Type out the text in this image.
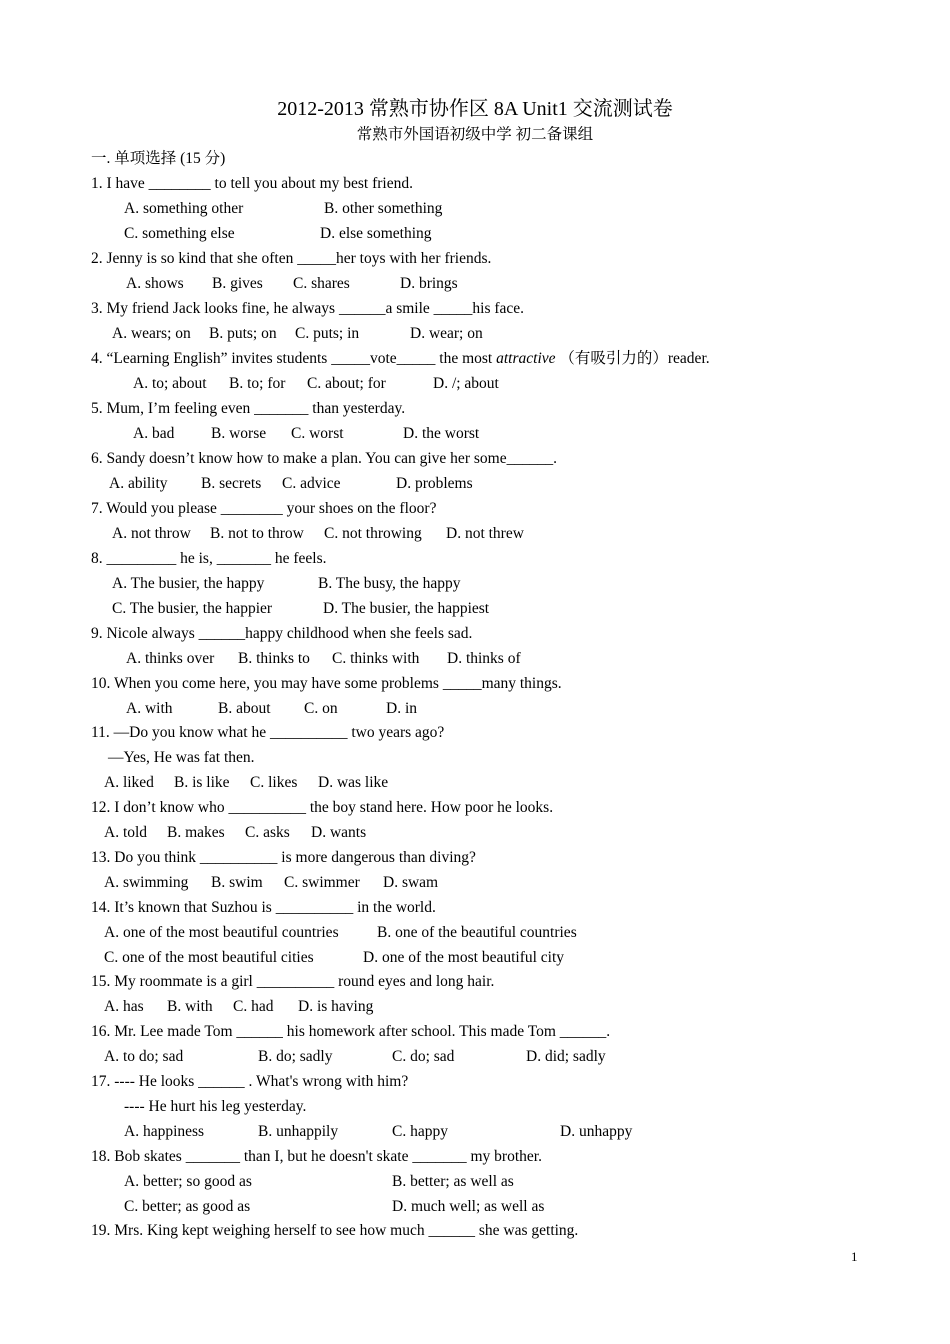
2012-2013 常熟市协作区 8A Unit1 交流测试卷
常熟市外国语初级中学 初二备课组
一. 单项选择 (15 分)
1. I have ________ to tell you about my best friend.
A. something other	B. other something
C. something else	D. else something
2. Jenny is so kind that she often _____her toys with her friends.
A. shows B. gives C. shares	D. brings
3. My friend Jack looks fine, he always ______a smile _____his face.
A. wears; on B. puts; on C. puts; in	D. wear; on
4. “Learning English” invites students _____vote_____ the most attractive （有吸引力的）reader.
A. to; about B. to; for C. about; for	D. /; about
5. Mum, I’m feeling even _______ than yesterday.
A. bad B. worse C. worst	D. the worst
6. Sandy doesn’t know how to make a plan. You can give her some______.
A. ability B. secrets C. advice	D. problems
7. Would you please ________ your shoes on the floor?
A. not throw B. not to throw C. not throwing D. not threw
8. _________ he is, _______ he feels.
A. The busier, the happy	B. The busy, the happy
C. The busier, the happier	D. The busier, the happiest
9. Nicole always ______happy childhood when she feels sad.
A. thinks over B. thinks to C. thinks with D. thinks of
10. When you come here, you may have some problems _____many things.
A. with	B. about C. on	D. in
11. —Do you know what he __________ two years ago?
—Yes, He was fat then.
A. liked B. is like C. likes D. was like
12. I don’t know who __________ the boy stand here. How poor he looks.
A. told B. makes C. asks D. wants
13. Do you think __________ is more dangerous than diving?
A. swimming B. swim C. swimmer D. swam
14. It’s known that Suzhou is __________ in the world.
A. one of the most beautiful countries B. one of the beautiful countries
C. one of the most beautiful cities	D. one of the most beautiful city
15. My roommate is a girl __________ round eyes and long hair.
A. has B. with C. had D. is having
16. Mr. Lee made Tom ______ his homework after school. This made Tom ______.
A. to do; sad	B. do; sadly	C. do; sad	D. did; sadly
17. ---- He looks ______ . What's wrong with him?
---- He hurt his leg yesterday.
A. happiness	B. unhappily	C. happy	D. unhappy
18. Bob skates _______ than I, but he doesn't skate _______ my brother.
A. better; so good as	B. better; as well as
C. better; as good as	D. much well; as well as
19. Mrs. King kept weighing herself to see how much ______ she was getting.
1
